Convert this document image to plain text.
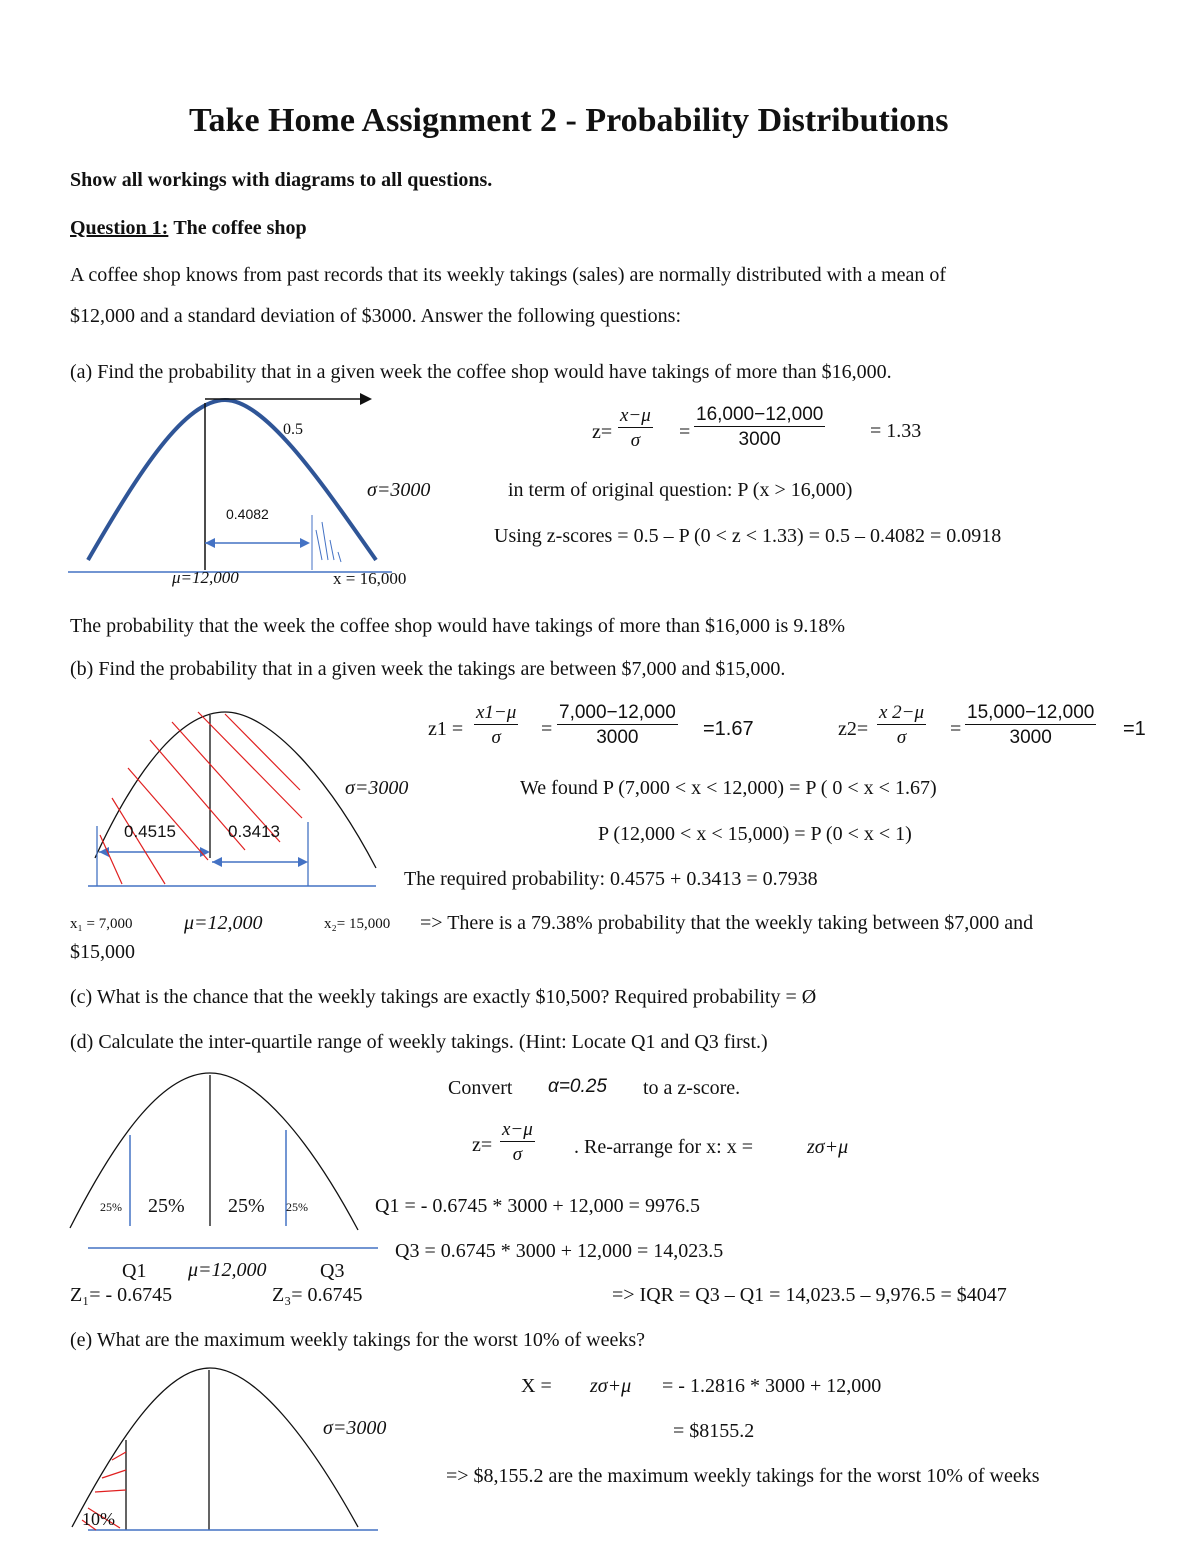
Take Home Assignment 2 - Probability Distributions
Show all workings with diagrams to all questions.
Question 1: The coffee shop
A coffee shop knows from past records that its weekly takings (sales) are normally distributed with a mean of
$12,000 and a standard deviation of $3000. Answer the following questions:
(a) Find the probability that in a given week the coffee shop would have takings of more than $16,000.
0.5
0.4082
μ=12,000	x = 16,000
$z= \frac{x-\mu}{\sigma} = \frac{16,000-12,000}{3000} = 1.33$
σ=3000	in term of original question: P (x > 16,000)
Using z-scores = 0.5 – P (0 < z < 1.33) = 0.5 – 0.4082 = 0.0918
The probability that the week the coffee shop would have takings of more than $16,000 is 9.18%
(b) Find the probability that in a given week the takings are between $7,000 and $15,000.
$z1 = \frac{x1-\mu}{\sigma} = \frac{7,000-12,000}{3000} =1.67$	$z2= \frac{x 2-\mu}{\sigma} = \frac{15,000-12,000}{3000} =1$
σ=3000	We found P (7,000 < x < 12,000) = P ( 0 < x < 1.67)
P (12,000 < x < 15,000) = P (0 < x < 1)
The required probability: 0.4575 + 0.3413 = 0.7938
0.4515	0.3413
x₁ = 7,000	μ=12,000	x₂= 15,000 => There is a 79.38% probability that the weekly taking between $7,000 and
$15,000
(c) What is the chance that the weekly takings are exactly $10,500? Required probability = Ø
(d) Calculate the inter-quartile range of weekly takings. (Hint: Locate Q1 and Q3 first.)
Convert α=0.25 to a z-score.
$z= \frac{x-\mu}{\sigma}$ . Re-arrange for x: x =	zσ+μ
Q1 = - 0.6745 * 3000 + 12,000 = 9976.5
Q3 = 0.6745 * 3000 + 12,000 = 14,023.5
25% 25% 25% 25%
Q1 μ=12,000	Q3
Z₁= - 0.6745	Z₃= 0.6745	=> IQR = Q3 – Q1 = 14,023.5 – 9,976.5 = $4047
(e) What are the maximum weekly takings for the worst 10% of weeks?
X = zσ+μ = - 1.2816 * 3000 + 12,000
σ=3000	= $8155.2
=> $8,155.2 are the maximum weekly takings for the worst 10% of weeks
10%
